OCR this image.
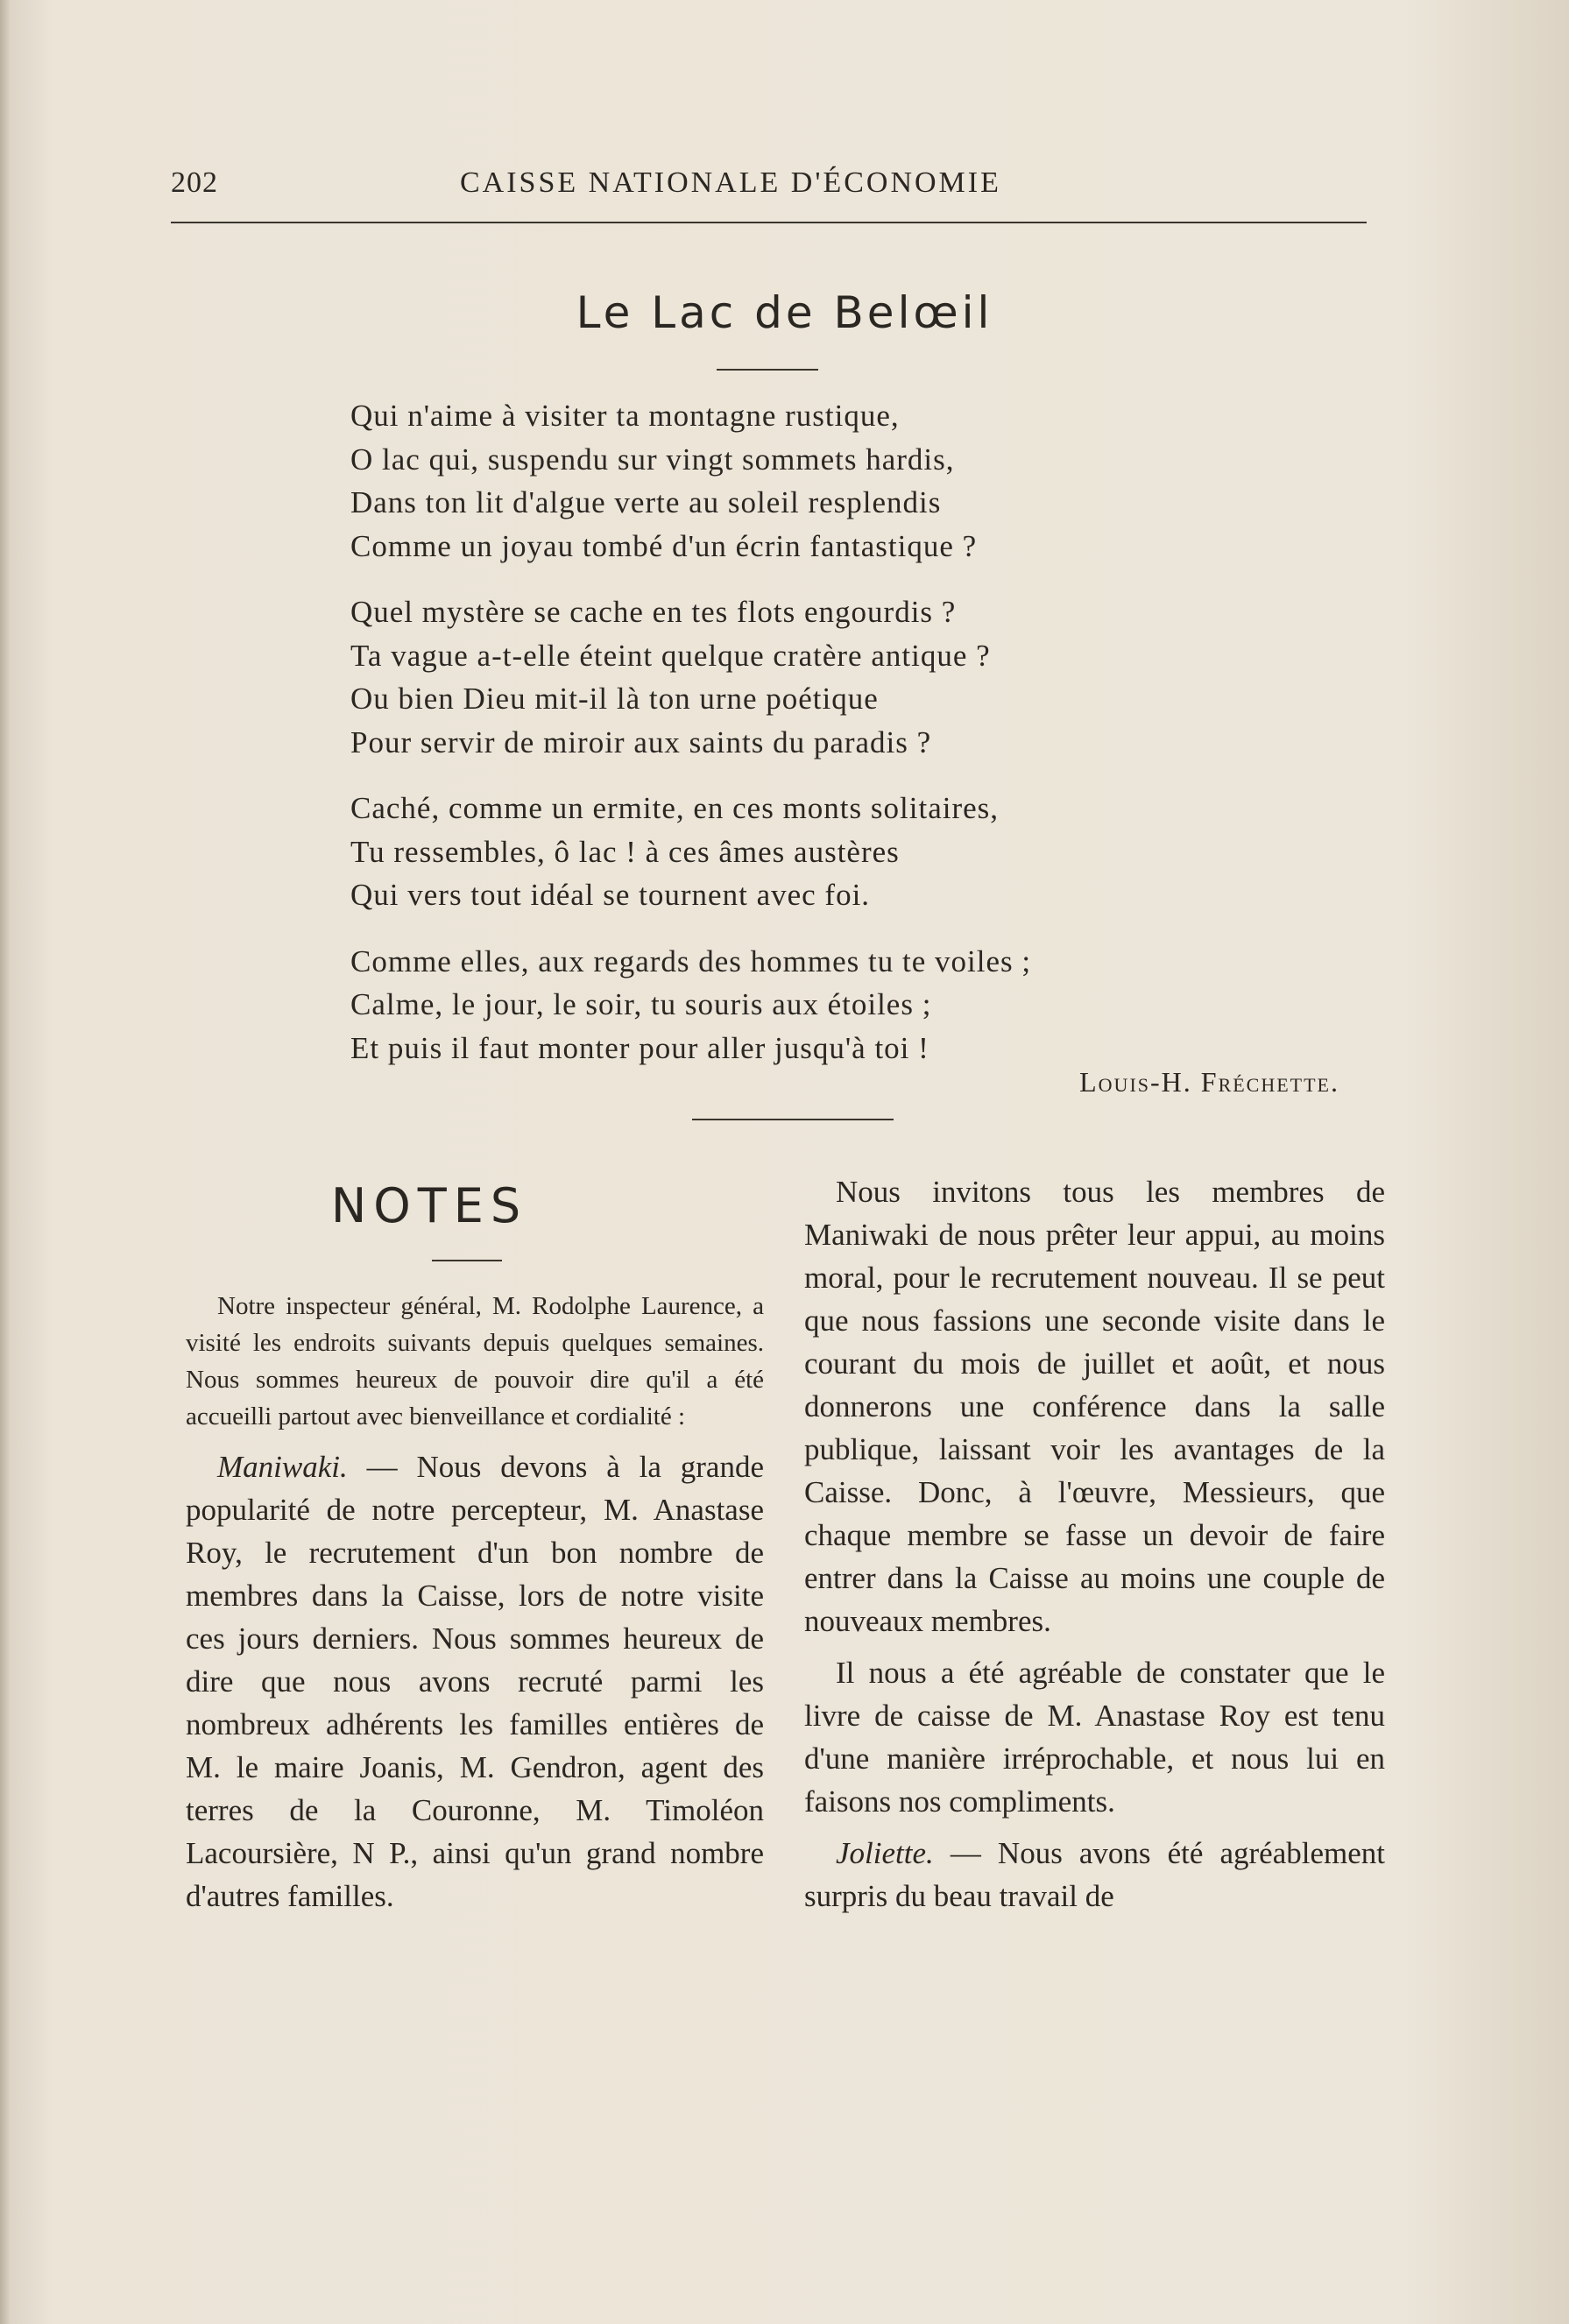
202	CAISSE NATIONALE D'ÉCONOMIE
Le Lac de Belœil
Qui n'aime à visiter ta montagne rustique,
O lac qui, suspendu sur vingt sommets hardis,
Dans ton lit d'algue verte au soleil resplendis
Comme un joyau tombé d'un écrin fantastique ?
Quel mystère se cache en tes flots engourdis ?
Ta vague a-t-elle éteint quelque cratère antique ?
Ou bien Dieu mit-il là ton urne poétique
Pour servir de miroir aux saints du paradis ?
Caché, comme un ermite, en ces monts solitaires,
Tu ressembles, ô lac ! à ces âmes austères
Qui vers tout idéal se tournent avec foi.
Comme elles, aux regards des hommes tu te voiles ;
Calme, le jour, le soir, tu souris aux étoiles ;
Et puis il faut monter pour aller jusqu'à toi !
Louis-H. Fréchette.
NOTES

Notre inspecteur général, M. Rodolphe Laurence, a visité les endroits suivants depuis quelques semaines. Nous sommes heureux de pouvoir dire qu'il a été accueilli partout avec bienveillance et cordialité :

Maniwaki. — Nous devons à la grande popularité de notre percepteur, M. Anastase Roy, le recrutement d'un bon nombre de membres dans la Caisse, lors de notre visite ces jours derniers. Nous sommes heureux de dire que nous avons recruté parmi les nombreux adhérents les familles entières de M. le maire Joanis, M. Gendron, agent des terres de la Couronne, M. Timoléon Lacoursière, N P., ainsi qu'un grand nombre d'autres familles.

Nous invitons tous les membres de Maniwaki de nous prêter leur appui, au moins moral, pour le recrutement nouveau. Il se peut que nous fassions une seconde visite dans le courant du mois de juillet et août, et nous donnerons une conférence dans la salle publique, laissant voir les avantages de la Caisse. Donc, à l'œuvre, Messieurs, que chaque membre se fasse un devoir de faire entrer dans la Caisse au moins une couple de nouveaux membres.

Il nous a été agréable de constater que le livre de caisse de M. Anastase Roy est tenu d'une manière irréprochable, et nous lui en faisons nos compliments.

Joliette. — Nous avons été agréablement surpris du beau travail de
